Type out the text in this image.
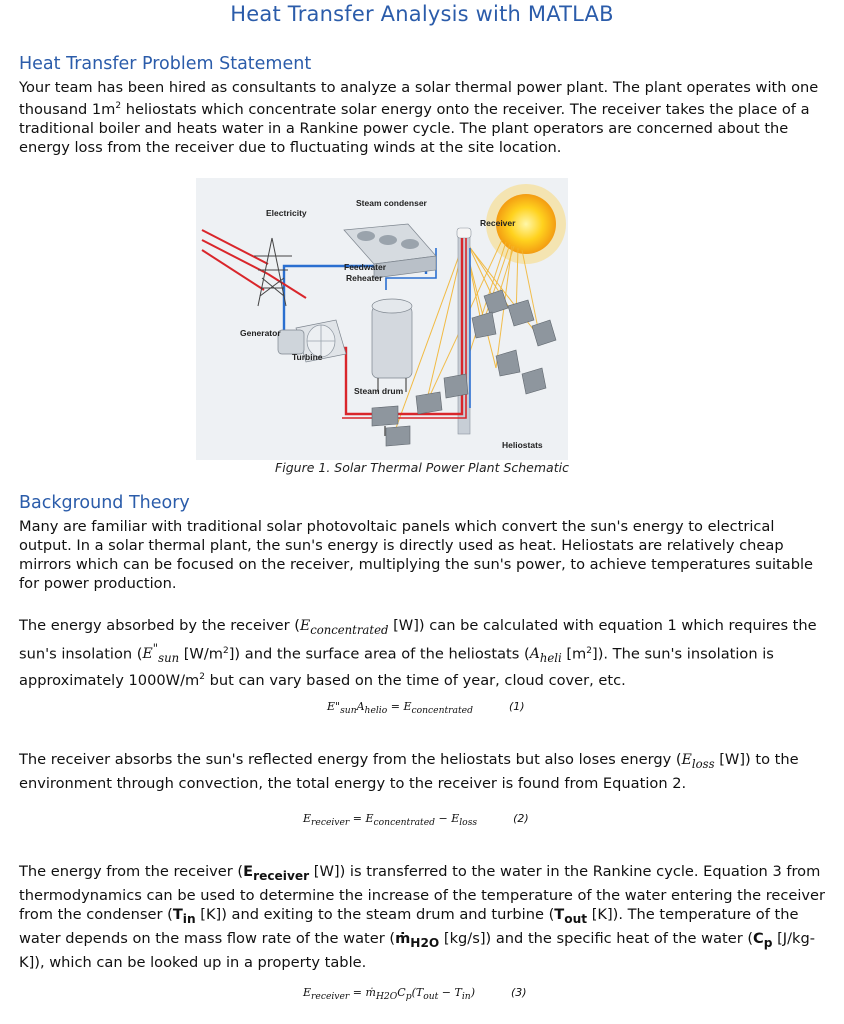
Heat Transfer Analysis with MATLAB
Heat Transfer Problem Statement

Your team has been hired as consultants to analyze a solar thermal power plant. The plant operates with one thousand $1m^2$ heliostats which concentrate solar energy onto the receiver. The receiver takes the place of a traditional boiler and heats water in a Rankine power cycle. The plant operators are concerned about the energy loss from the receiver due to fluctuating winds at the site location.

Electricity
Steam condenser
Receiver
Feedwater
Reheater
Generator
Turbine
Steam drum
Heliostats
Figure 1. Solar Thermal Power Plant Schematic
Background Theory

Many are familiar with traditional solar photovoltaic panels which convert the sun's energy to electrical output. In a solar thermal plant, the sun's energy is directly used as heat. Heliostats are relatively cheap mirrors which can be focused on the receiver, multiplying the sun's power, to achieve temperatures suitable for power production.

The energy absorbed by the receiver ($E_{concentrated}$ [W]) can be calculated with equation 1 which requires the sun's insolation ($E^"_{sun}$ $[W/m^2]$) and the surface area of the heliostats ($A_{heli}$ $[m^2]$). The sun's insolation is approximately $1000W/m^2$ but can vary based on the time of year, cloud cover, etc.

$E"_{sun}A_{helio} = E_{concentrated}$	(1)

The receiver absorbs the sun's reflected energy from the heliostats but also loses energy ($E_{loss}$ [W]) to the environment through convection, the total energy to the receiver is found from Equation 2.

$E_{receiver} = E_{concentrated} - E_{loss}$	(2)

The energy from the receiver ($E_{receiver}$ [W]) is transferred to the water in the Rankine cycle. Equation 3 from thermodynamics can be used to determine the increase of the temperature of the water entering the receiver from the condenser ($T_{in}$ [K]) and exiting to the steam drum and turbine ($T_{out}$ [K]). The temperature of the water depends on the mass flow rate of the water (ṁ$_{H2O}$ [kg/s]) and the specific heat of the water ($C_p$ [J/kg-K]), which can be looked up in a property table.

$E_{receiver}$ = $ṁ_{H2O}C_p(T_{out} - T_{in})$	(3)
